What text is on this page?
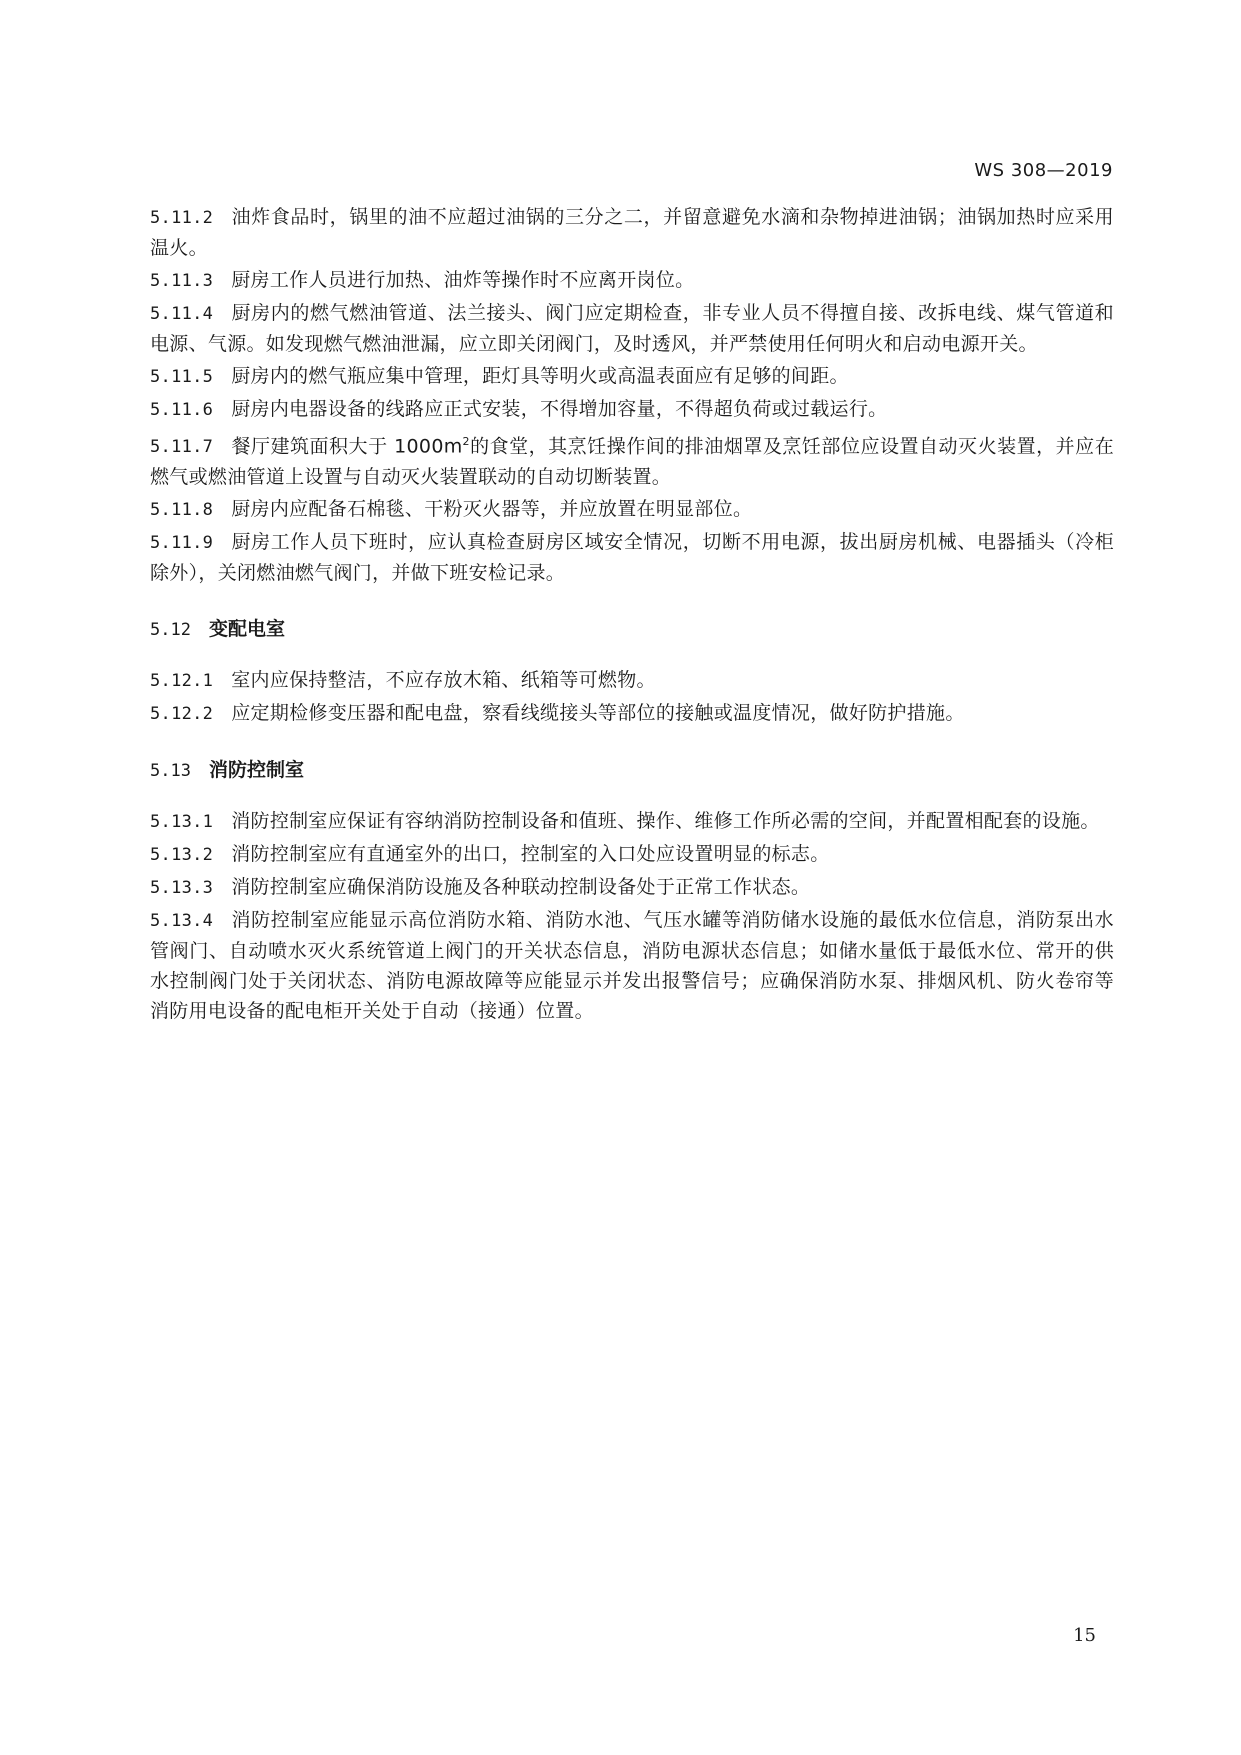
WS 308—2019

5.11.2 油炸食品时，锅里的油不应超过油锅的三分之二，并留意避免水滴和杂物掉进油锅；油锅加热时应采用温火。

5.11.3 厨房工作人员进行加热、油炸等操作时不应离开岗位。

5.11.4 厨房内的燃气燃油管道、法兰接头、阀门应定期检查，非专业人员不得擅自接、改拆电线、煤气管道和电源、气源。如发现燃气燃油泄漏，应立即关闭阀门，及时透风，并严禁使用任何明火和启动电源开关。

5.11.5 厨房内的燃气瓶应集中管理，距灯具等明火或高温表面应有足够的间距。

5.11.6 厨房内电器设备的线路应正式安装，不得增加容量，不得超负荷或过载运行。

5.11.7 餐厅建筑面积大于 $1000m^2$的食堂，其烹饪操作间的排油烟罩及烹饪部位应设置自动灭火装置，并应在燃气或燃油管道上设置与自动灭火装置联动的自动切断装置。

5.11.8 厨房内应配备石棉毯、干粉灭火器等，并应放置在明显部位。

5.11.9 厨房工作人员下班时，应认真检查厨房区域安全情况，切断不用电源，拔出厨房机械、电器插头（冷柜除外），关闭燃油燃气阀门，并做下班安检记录。

5.12 变配电室

5.12.1 室内应保持整洁，不应存放木箱、纸箱等可燃物。

5.12.2 应定期检修变压器和配电盘，察看线缆接头等部位的接触或温度情况，做好防护措施。

5.13 消防控制室

5.13.1 消防控制室应保证有容纳消防控制设备和值班、操作、维修工作所必需的空间，并配置相配套的设施。

5.13.2 消防控制室应有直通室外的出口，控制室的入口处应设置明显的标志。

5.13.3 消防控制室应确保消防设施及各种联动控制设备处于正常工作状态。

5.13.4 消防控制室应能显示高位消防水箱、消防水池、气压水罐等消防储水设施的最低水位信息，消防泵出水管阀门、自动喷水灭火系统管道上阀门的开关状态信息，消防电源状态信息；如储水量低于最低水位、常开的供水控制阀门处于关闭状态、消防电源故障等应能显示并发出报警信号；应确保消防水泵、排烟风机、防火卷帘等消防用电设备的配电柜开关处于自动（接通）位置。

15
